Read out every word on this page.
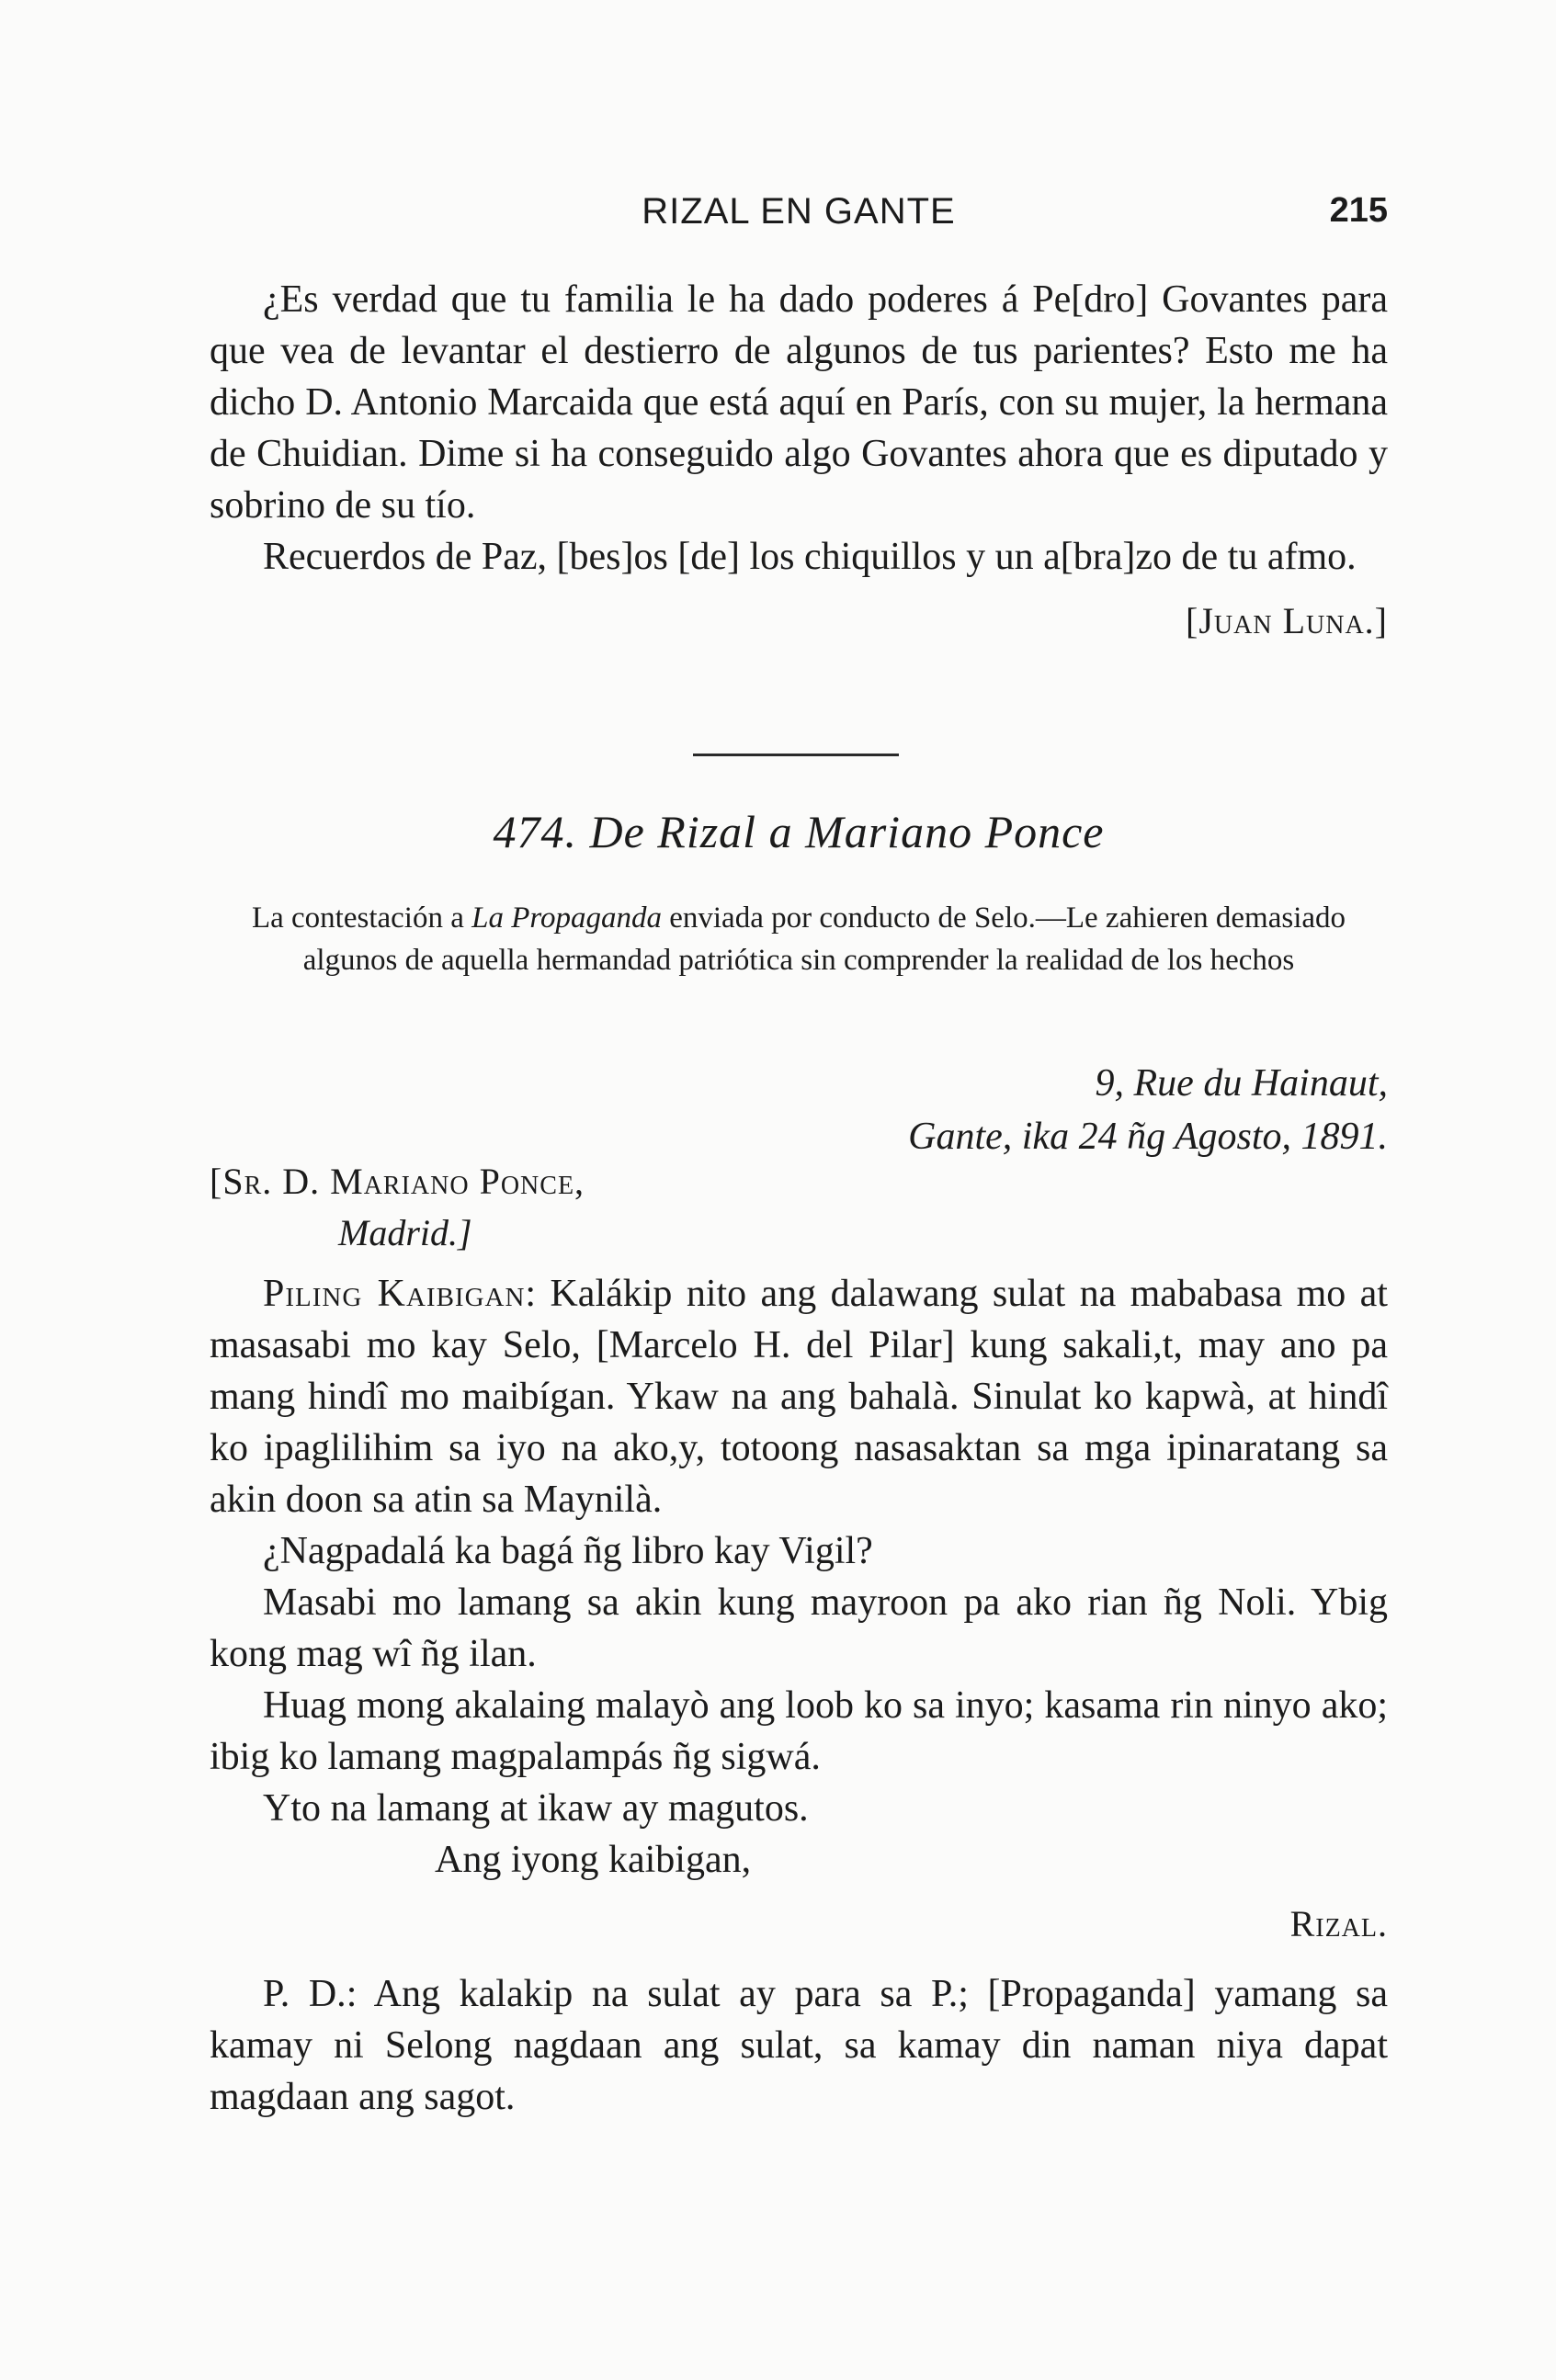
RIZAL EN GANTE	215

¿Es verdad que tu familia le ha dado poderes á Pe[dro] Govantes para que vea de levantar el destierro de algunos de tus parientes? Esto me ha dicho D. Antonio Marcaida que está aquí en París, con su mujer, la hermana de Chuidian. Dime si ha conseguido algo Govantes ahora que es diputado y sobrino de su tío.

Recuerdos de Paz, [bes]os [de] los chiquillos y un a[bra]zo de tu afmo.

[Juan Luna.]

474. De Rizal a Mariano Ponce
La contestación a La Propaganda enviada por conducto de Selo.—Le zahieren demasiado algunos de aquella hermandad patriótica sin comprender la realidad de los hechos
9, Rue du Hainaut,
Gante, ika 24 ñg Agosto, 1891.
[Sr. D. Mariano Ponce,
Madrid.]

Piling Kaibigan: Kalákip nito ang dalawang sulat na mababasa mo at masasabi mo kay Selo, [Marcelo H. del Pilar] kung sakali,t, may ano pa mang hindî mo maibígan. Ykaw na ang bahalà. Sinulat ko kapwà, at hindî ko ipaglilihim sa iyo na ako,y, totoong nasasaktan sa mga ipinaratang sa akin doon sa atin sa Maynilà.

¿Nagpadalá ka bagá ñg libro kay Vigil?

Masabi mo lamang sa akin kung mayroon pa ako rian ñg Noli. Ybig kong mag wî ñg ilan.

Huag mong akalaing malayò ang loob ko sa inyo; kasama rin ninyo ako; ibig ko lamang magpalampás ñg sigwá.

Yto na lamang at ikaw ay magutos.

Ang iyong kaibigan,

Rizal.

P. D.: Ang kalakip na sulat ay para sa P.; [Propaganda] yamang sa kamay ni Selong nagdaan ang sulat, sa kamay din naman niya dapat magdaan ang sagot.
